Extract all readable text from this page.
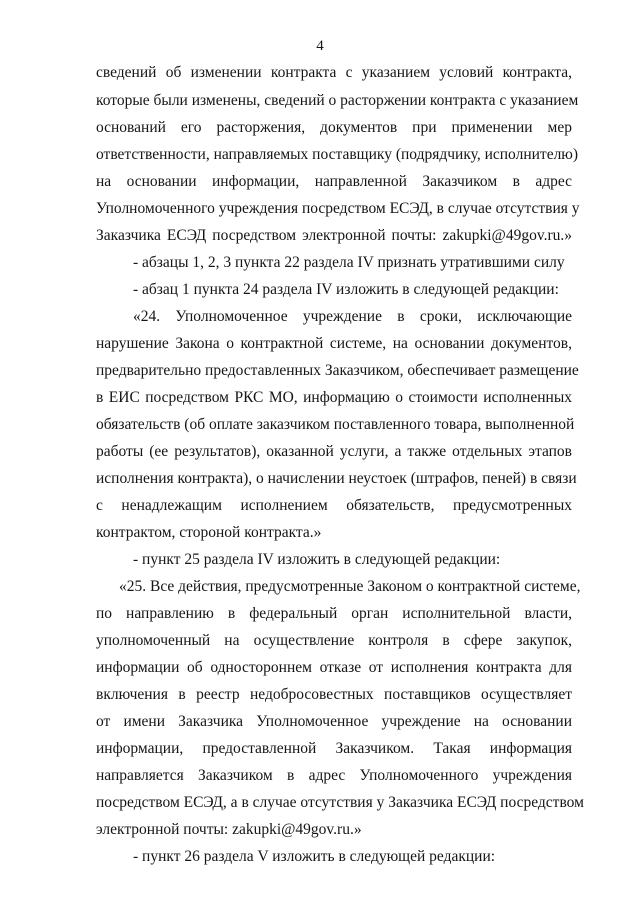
4
сведений об изменении контракта с указанием условий контракта,
которые были изменены, сведений о расторжении контракта с указанием
оснований его расторжения, документов при применении мер
ответственности, направляемых поставщику (подрядчику, исполнителю)
на основании информации, направленной Заказчиком в адрес
Уполномоченного учреждения посредством ЕСЭД, в случае отсутствия у
Заказчика ЕСЭД посредством электронной почты: zakupki@49gov.ru.»
- абзацы 1, 2, 3 пункта 22 раздела IV признать утратившими силу
- абзац 1 пункта 24 раздела IV изложить в следующей редакции:
«24. Уполномоченное учреждение в сроки, исключающие
нарушение Закона о контрактной системе, на основании документов,
предварительно предоставленных Заказчиком, обеспечивает размещение
в ЕИС посредством РКС МО, информацию о стоимости исполненных
обязательств (об оплате заказчиком поставленного товара, выполненной
работы (ее результатов), оказанной услуги, а также отдельных этапов
исполнения контракта), о начислении неустоек (штрафов, пеней) в связи
с ненадлежащим исполнением обязательств, предусмотренных
контрактом, стороной контракта.»
- пункт 25 раздела IV изложить в следующей редакции:
«25. Все действия, предусмотренные Законом о контрактной системе,
по направлению в федеральный орган исполнительной власти,
уполномоченный на осуществление контроля в сфере закупок,
информации об одностороннем отказе от исполнения контракта для
включения в реестр недобросовестных поставщиков осуществляет
от имени Заказчика Уполномоченное учреждение на основании
информации, предоставленной Заказчиком. Такая информация
направляется Заказчиком в адрес Уполномоченного учреждения
посредством ЕСЭД, а в случае отсутствия у Заказчика ЕСЭД посредством
электронной почты: zakupki@49gov.ru.»
- пункт 26 раздела V изложить в следующей редакции:
